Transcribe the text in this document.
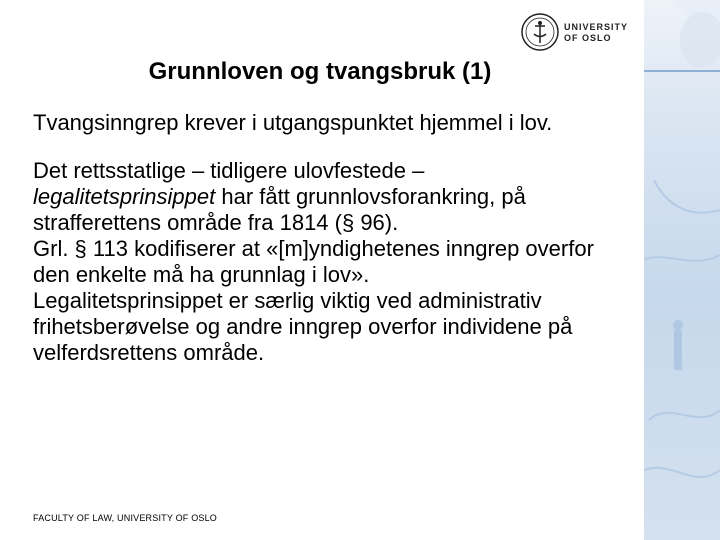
UNIVERSITY
OF OSLO
Grunnloven og tvangsbruk (1)

Tvangsinngrep krever i utgangspunktet hjemmel i lov.

Det rettsstatlige – tidligere ulovfestede –
legalitetsprinsippet har fått grunnlovsforankring, på strafferettens område fra 1814 (§ 96).

Grl. § 113 kodifiserer at «[m]yndighetenes inngrep overfor den enkelte må ha grunnlag i lov».

Legalitetsprinsippet er særlig viktig ved administrativ frihetsberøvelse og andre inngrep overfor individene på velferdsrettens område.

FACULTY OF LAW, UNIVERSITY OF OSLO
